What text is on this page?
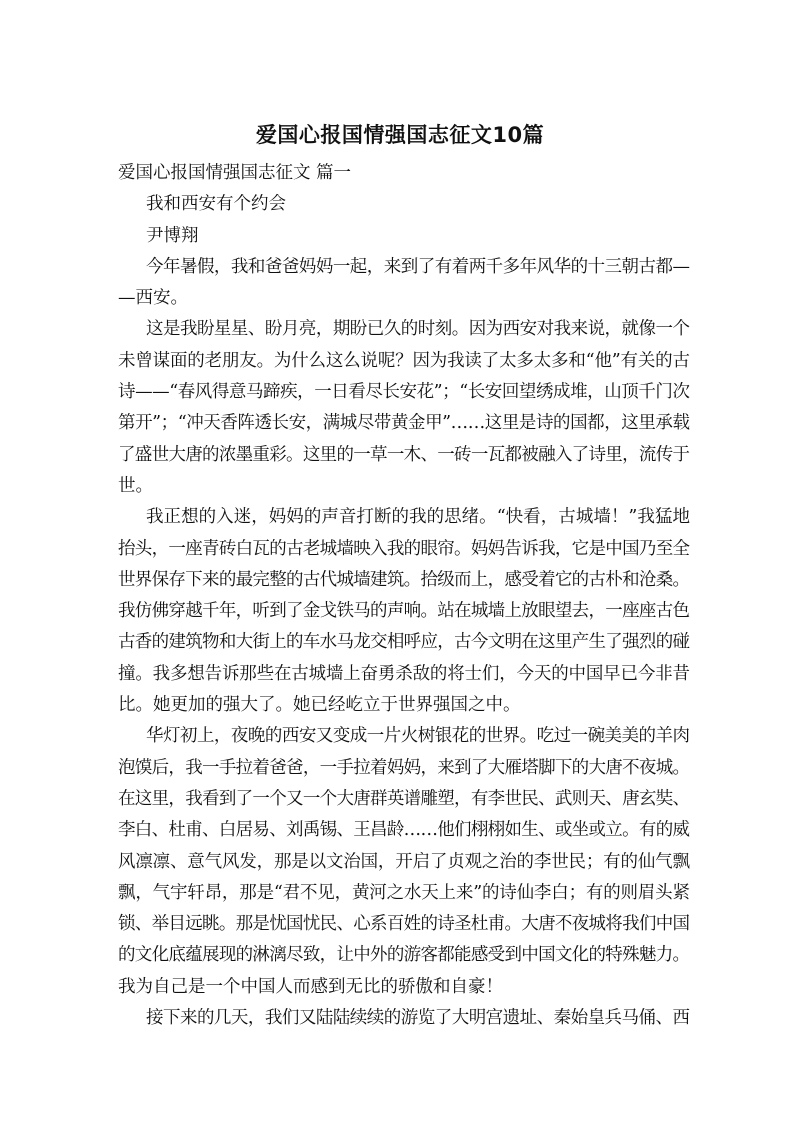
爱国心报国情强国志征文10篇
爱国心报国情强国志征文 篇一
我和西安有个约会
尹博翔
今年暑假，我和爸爸妈妈一起，来到了有着两千多年风华的十三朝古都—
—西安。
这是我盼星星、盼月亮，期盼已久的时刻。因为西安对我来说，就像一个
未曾谋面的老朋友。为什么这么说呢？因为我读了太多太多和“他”有关的古
诗——“春风得意马蹄疾，一日看尽长安花”；“长安回望绣成堆，山顶千门次
第开”；“冲天香阵透长安，满城尽带黄金甲”……这里是诗的国都，这里承载
了盛世大唐的浓墨重彩。这里的一草一木、一砖一瓦都被融入了诗里，流传于
世。
我正想的入迷，妈妈的声音打断的我的思绪。“快看，古城墙！”我猛地
抬头，一座青砖白瓦的古老城墙映入我的眼帘。妈妈告诉我，它是中国乃至全
世界保存下来的最完整的古代城墙建筑。拾级而上，感受着它的古朴和沧桑。
我仿佛穿越千年，听到了金戈铁马的声响。站在城墙上放眼望去，一座座古色
古香的建筑物和大街上的车水马龙交相呼应，古今文明在这里产生了强烈的碰
撞。我多想告诉那些在古城墙上奋勇杀敌的将士们，今天的中国早已今非昔
比。她更加的强大了。她已经屹立于世界强国之中。
华灯初上，夜晚的西安又变成一片火树银花的世界。吃过一碗美美的羊肉
泡馍后，我一手拉着爸爸，一手拉着妈妈，来到了大雁塔脚下的大唐不夜城。
在这里，我看到了一个又一个大唐群英谱雕塑，有李世民、武则天、唐玄奘、
李白、杜甫、白居易、刘禹锡、王昌龄……他们栩栩如生、或坐或立。有的威
风凛凛、意气风发，那是以文治国，开启了贞观之治的李世民；有的仙气飘
飘，气宇轩昂，那是“君不见，黄河之水天上来”的诗仙李白；有的则眉头紧
锁、举目远眺。那是忧国忧民、心系百姓的诗圣杜甫。大唐不夜城将我们中国
的文化底蕴展现的淋漓尽致，让中外的游客都能感受到中国文化的特殊魅力。
我为自己是一个中国人而感到无比的骄傲和自豪！
接下来的几天，我们又陆陆续续的游览了大明宫遗址、秦始皇兵马俑、西
